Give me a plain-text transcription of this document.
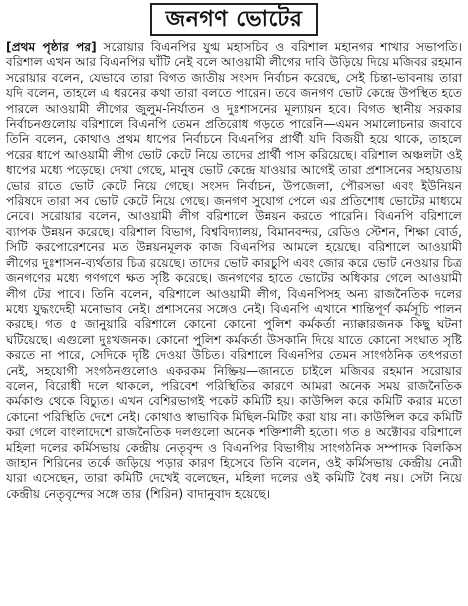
জনগণ ভোটের

[প্রথম পৃষ্ঠার পর] সরোয়ার বিএনপির যুগ্ম মহাসচিব ও বরিশাল মহানগর শাখার সভাপতি। বরিশাল এখন আর বিএনপির ঘাঁটি নেই বলে আওয়ামী লীগের দাবি উড়িয়ে দিয়ে মজিবর রহমান সরোয়ার বলেন, যেভাবে তারা বিগত জাতীয় সংসদ নির্বাচন করেছে, সেই চিন্তা-ভাবনায় তারা যদি বলেন, তাহলে এ ধরনের কথা তারা বলতে পারেন। তবে জনগণ ভোট কেন্দ্রে উপস্থিত হতে পারলে আওয়ামী লীগের জুলুম-নির্যাতন ও দুঃশাসনের মূল্যায়ন হবে। বিগত স্থানীয় সরকার নির্বাচনগুলোয় বরিশালে বিএনপি তেমন প্রতিরোধ গড়তে পারেনি—এমন সমালোচনার জবাবে তিনি বলেন, কোথাও প্রথম ধাপের নির্বাচনে বিএনপির প্রার্থী যদি বিজয়ী হয়ে থাকে, তাহলে পরের ধাপে আওয়ামী লীগ ভোট কেটে নিয়ে তাদের প্রার্থী পাস করিয়েছে। বরিশাল অঞ্চলটা ওই ধাপের মধ্যে পড়েছে। দেখা গেছে, মানুষ ভোট কেন্দ্রে যাওয়ার আগেই তারা প্রশাসনের সহায়তায় ভোর রাতে ভোট কেটে নিয়ে গেছে। সংসদ নির্বাচন, উপজেলা, পৌরসভা এবং ইউনিয়ন পরিষদে তারা সব ভোট কেটে নিয়ে গেছে। জনগণ সুযোগ পেলে এর প্রতিশোধ ভোটের মাধ্যমে নেবে। সরোয়ার বলেন, আওয়ামী লীগ বরিশালে উন্নয়ন করতে পারেনি। বিএনপি বরিশালে ব্যাপক উন্নয়ন করেছে। বরিশাল বিভাগ, বিশ্ববিদ্যালয়, বিমানবন্দর, রেডিও স্টেশন, শিক্ষা বোর্ড, সিটি করপোরেশনের মত উন্নয়নমূলক কাজ বিএনপির আমলে হয়েছে। বরিশালে আওয়ামী লীগের দুঃশাসন-ব্যর্থতার চিত্র রয়েছে। তাদের ভোট কারচুপি এবং জোর করে ভোট নেওয়ার চিত্র জনগণের মধ্যে গণগণে ক্ষত সৃষ্টি করেছে। জনগণের হাতে ভোটের অধিকার গেলে আওয়ামী লীগ টের পাবে। তিনি বলেন, বরিশালে আওয়ামী লীগ, বিএনপিসহ অন্য রাজনৈতিক দলের মধ্যে যুদ্ধংদেহী মনোভাব নেই। প্রশাসনের সঙ্গেও নেই। বিএনপি এখানে শান্তিপূর্ণ কর্মসূচি পালন করছে। গত ৫ জানুয়ারি বরিশালে কোনো কোনো পুলিশ কর্মকর্তা ন্যাক্কারজনক কিছু ঘটনা ঘটিয়েছে। এগুলো দুঃখজনক। কোনো পুলিশ কর্মকর্তা উসকানি দিয়ে যাতে কোনো সংঘাত সৃষ্টি করতে না পারে, সেদিকে দৃষ্টি দেওয়া উচিত। বরিশালে বিএনপির তেমন সাংগঠনিক তৎপরতা নেই, সহযোগী সংগঠনগুলোও একরকম নিষ্ক্রিয়—জানতে চাইলে মজিবর রহমান সরোয়ার বলেন, বিরোধী দলে থাকলে, পরিবেশ পরিস্থিতির কারণে আমরা অনেক সময় রাজনৈতিক কর্মকাণ্ড থেকে বিচ্যুত। এখন বেশিরভাগই পকেট কমিটি হয়। কাউন্সিল করে কমিটি করার মতো কোনো পরিস্থিতি দেশে নেই। কোথাও স্বাভাবিক মিছিল-মিটিং করা যায় না। কাউন্সিল করে কমিটি করা গেলে বাংলাদেশে রাজনৈতিক দলগুলো অনেক শক্তিশালী হতো। গত ৪ অক্টোবর বরিশালে মহিলা দলের কর্মিসভায় কেন্দ্রীয় নেতৃবৃন্দ ও বিএনপির বিভাগীয় সাংগঠনিক সম্পাদক বিলকিস জাহান শিরিনের তর্কে জড়িয়ে পড়ার কারণ হিসেবে তিনি বলেন, ওই কর্মিসভায় কেন্দ্রীয় নেত্রী যারা এসেছেন, তারা কমিটি দেখেই বলেছেন, মহিলা দলের ওই কমিটি বৈধ নয়। সেটা নিয়ে কেন্দ্রীয় নেতৃবৃন্দের সঙ্গে তার (শিরিন) বাদানুবাদ হয়েছে।
